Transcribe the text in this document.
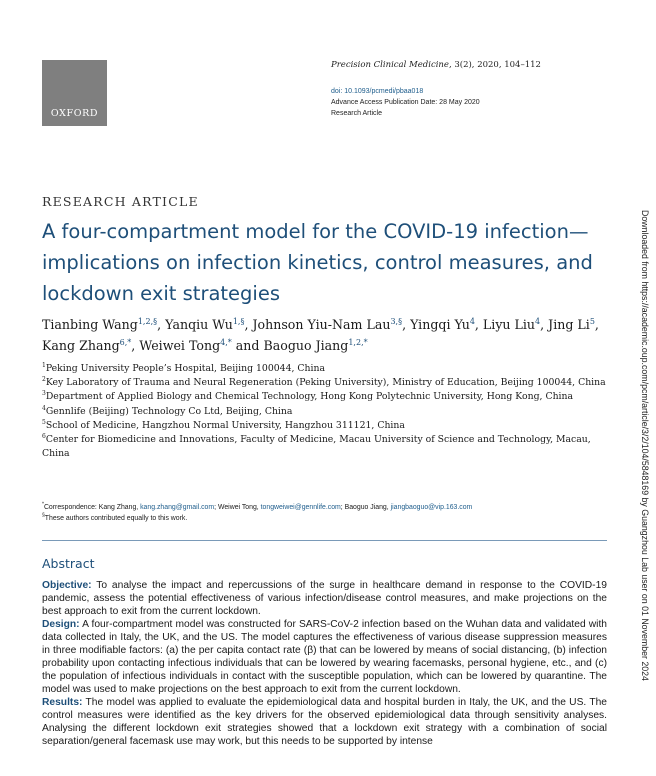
OXFORD
Precision Clinical Medicine, 3(2), 2020, 104–112
doi: 10.1093/pcmedi/pbaa018
Advance Access Publication Date: 28 May 2020
Research Article
RESEARCH ARTICLE
A four-compartment model for the COVID-19 infection—implications on infection kinetics, control measures, and lockdown exit strategies
Tianbing Wang$^{1,2,\S}$, Yanqiu $Wu^{1,\S}$, Johnson Yiu-Nam Lau$^{3,\S}$, Yingqi Yu$^4$, Liyu Liu$^4$, Jing Li$^5$, Kang Zhang$^{6,*}$, Weiwei Tong$^{4,*}$ and Baoguo Jiang$^{1,2,*}$
$^1$Peking University People’s Hospital, Beijing 100044, China
$^2$Key Laboratory of Trauma and Neural Regeneration (Peking University), Ministry of Education, Beijing 100044, China
$^3$Department of Applied Biology and Chemical Technology, Hong Kong Polytechnic University, Hong Kong, China
$^4$Gennlife (Beijing) Technology Co Ltd, Beijing, China
$^5$School of Medicine, Hangzhou Normal University, Hangzhou 311121, China
$^6$Center for Biomedicine and Innovations, Faculty of Medicine, Macau University of Science and Technology, Macau, China
*Correspondence: Kang Zhang, kang.zhang@gmail.com; Weiwei Tong, tongweiwei@gennlife.com; Baoguo Jiang, jiangbaoguo@vip.163.com
§These authors contributed equally to this work.
Abstract

Objective: To analyse the impact and repercussions of the surge in healthcare demand in response to the COVID-19 pandemic, assess the potential effectiveness of various infection/disease control measures, and make projections on the best approach to exit from the current lockdown.

Design: A four-compartment model was constructed for SARS-CoV-2 infection based on the Wuhan data and validated with data collected in Italy, the UK, and the US. The model captures the effectiveness of various disease suppression measures in three modifiable factors: (a) the per capita contact rate (β) that can be lowered by means of social distancing, (b) infection probability upon contacting infectious individuals that can be lowered by wearing facemasks, personal hygiene, etc., and (c) the population of infectious individuals in contact with the susceptible population, which can be lowered by quarantine. The model was used to make projections on the best approach to exit from the current lockdown.

Results: The model was applied to evaluate the epidemiological data and hospital burden in Italy, the UK, and the US. The control measures were identified as the key drivers for the observed epidemiological data through sensitivity analyses. Analysing the different lockdown exit strategies showed that a lockdown exit strategy with a combination of social separation/general facemask use may work, but this needs to be supported by intense

Downloaded from https://academic.oup.com/pcm/article/3/2/104/5848169 by Guangzhou Lab user on 01 November 2024
